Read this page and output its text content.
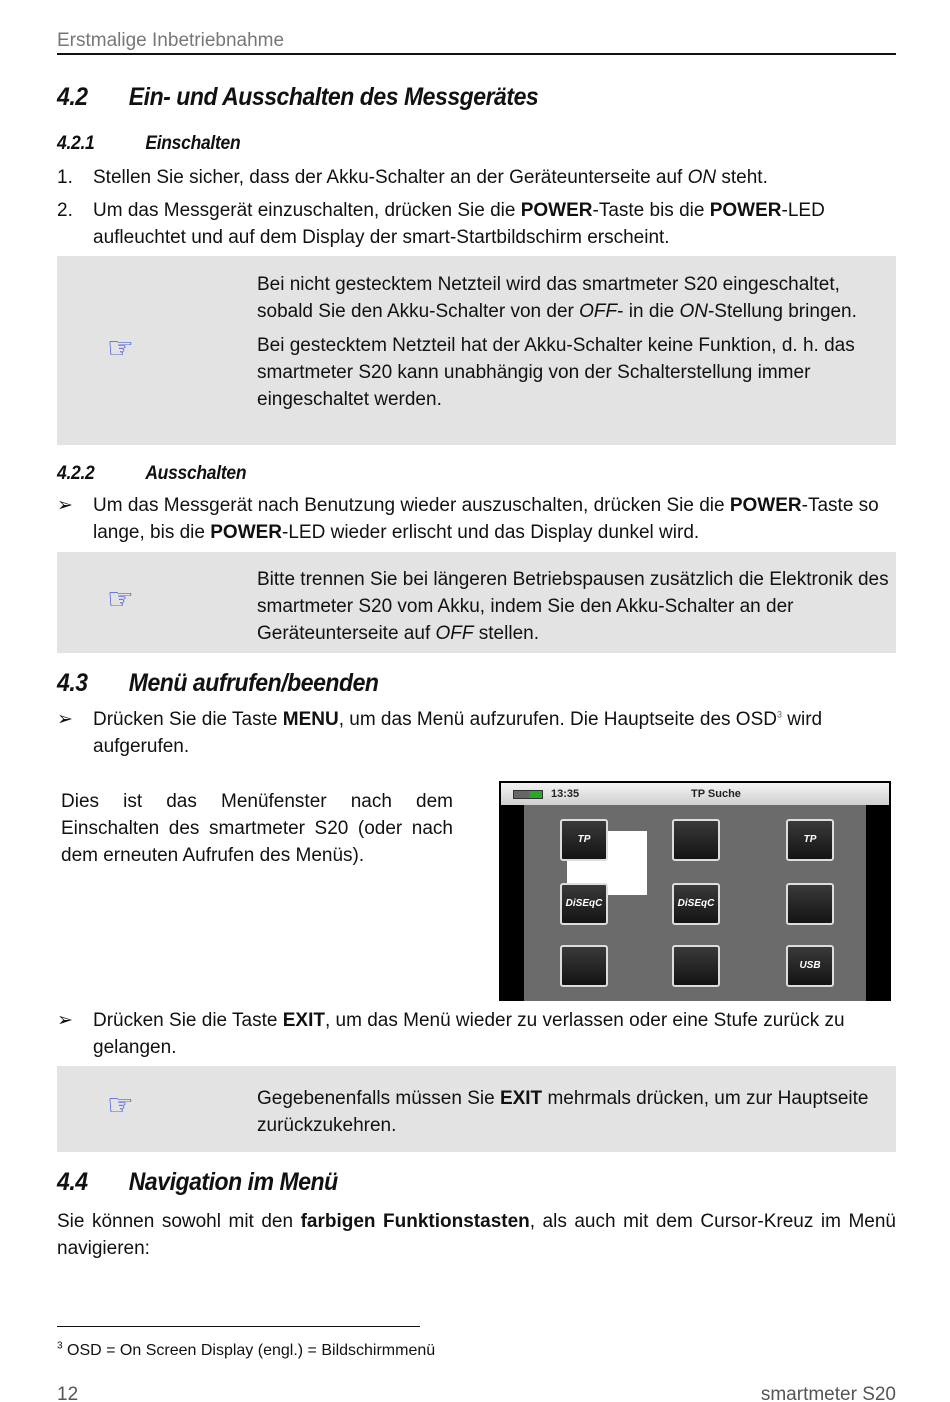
Erstmalige Inbetriebnahme
4.2 Ein- und Ausschalten des Messgerätes
4.2.1	Einschalten
1. Stellen Sie sicher, dass der Akku-Schalter an der Geräteunterseite auf ON steht.
2. Um das Messgerät einzuschalten, drücken Sie die POWER-Taste bis die POWER-LED aufleuchtet und auf dem Display der smart-Startbildschirm erscheint.
☞
Bei nicht gestecktem Netzteil wird das smartmeter S20 eingeschaltet, sobald Sie den Akku-Schalter von der OFF- in die ON-Stellung bringen.
Bei gestecktem Netzteil hat der Akku-Schalter keine Funktion, d. h. das smartmeter S20 kann unabhängig von der Schalterstellung immer eingeschaltet werden.
4.2.2	Ausschalten
➢ Um das Messgerät nach Benutzung wieder auszuschalten, drücken Sie die POWER-Taste so lange, bis die POWER-LED wieder erlischt und das Display dunkel wird.
☞
Bitte trennen Sie bei längeren Betriebspausen zusätzlich die Elektronik des smartmeter S20 vom Akku, indem Sie den Akku-Schalter an der Geräteunterseite auf OFF stellen.
4.3 Menü aufrufen/beenden
➢ Drücken Sie die Taste MENU, um das Menü aufzurufen. Die Hauptseite des OSD$^3$ wird aufgerufen.
Dies ist das Menüfenster nach dem Einschalten des smartmeter S20 (oder nach dem erneuten Aufrufen des Menüs).
13:35	TP Suche
TP	TP
DiSEqC	DiSEqC
USB
➢ Drücken Sie die Taste EXIT, um das Menü wieder zu verlassen oder eine Stufe zurück zu gelangen.
☞	Gegebenenfalls müssen Sie EXIT mehrmals drücken, um zur Hauptseite zurückzukehren.
4.4 Navigation im Menü
Sie können sowohl mit den farbigen Funktionstasten, als auch mit dem Cursor-Kreuz im Menü navigieren:
$^3$ OSD = On Screen Display (engl.) = Bildschirmmenü
12	smartmeter S20
